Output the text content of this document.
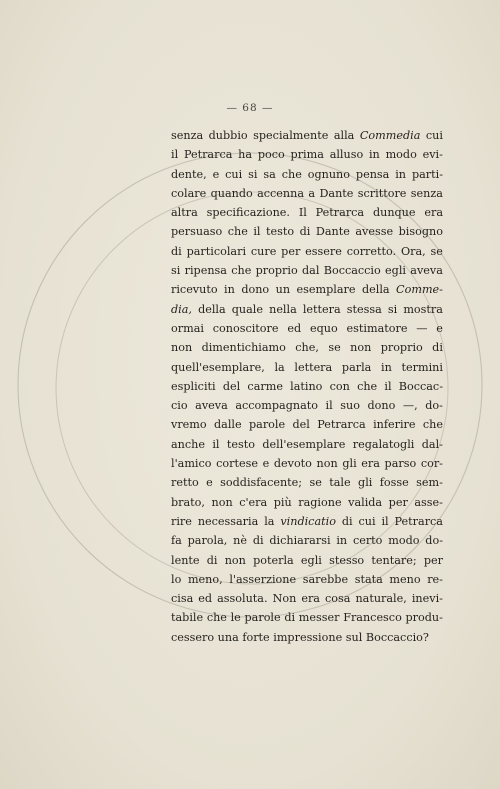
— 68 —
senza dubbio specialmente alla Commedia cui
il Petrarca ha poco prima alluso in modo evi-
dente, e cui si sa che ognuno pensa in parti-
colare quando accenna a Dante scrittore senza
altra specificazione. Il Petrarca dunque era
persuaso che il testo di Dante avesse bisogno
di particolari cure per essere corretto. Ora, se
si ripensa che proprio dal Boccaccio egli aveva
ricevuto in dono un esemplare della Comme-
dia, della quale nella lettera stessa si mostra
ormai conoscitore ed equo estimatore — e
non dimentichiamo che, se non proprio di
quell'esemplare, la lettera parla in termini
espliciti del carme latino con che il Boccac-
cio aveva accompagnato il suo dono —, do-
vremo dalle parole del Petrarca inferire che
anche il testo dell'esemplare regalatogli dal-
l'amico cortese e devoto non gli era parso cor-
retto e soddisfacente; se tale gli fosse sem-
brato, non c'era più ragione valida per asse-
rire necessaria la vindicatio di cui il Petrarca
fa parola, nè di dichiararsi in certo modo do-
lente di non poterla egli stesso tentare; per
lo meno, l'asserzione sarebbe stata meno re-
cisa ed assoluta. Non era cosa naturale, inevi-
tabile che le parole di messer Francesco produ-
cessero una forte impressione sul Boccaccio?
